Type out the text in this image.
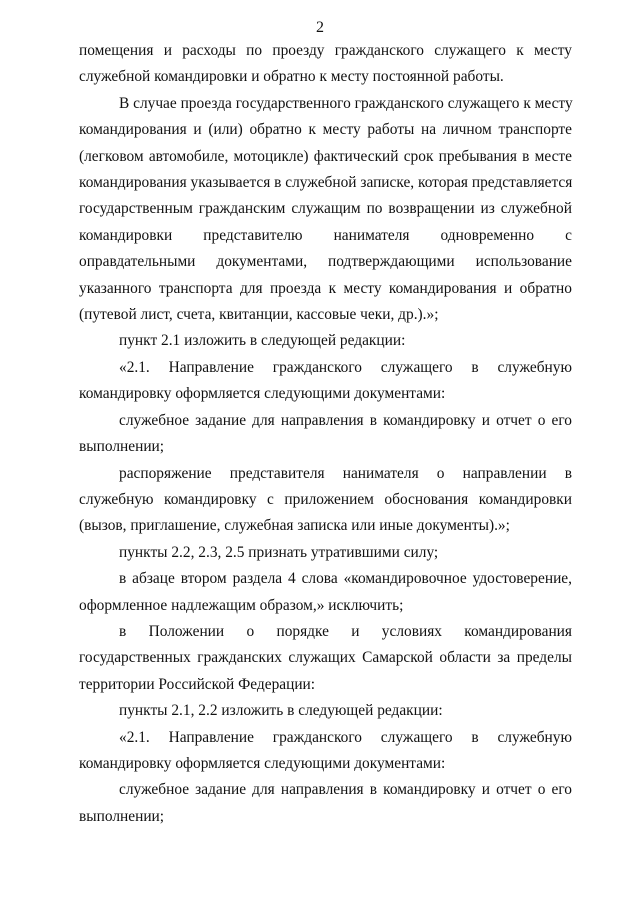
2
помещения и расходы по проезду гражданского служащего к месту
служебной командировки и обратно к месту постоянной работы.
В случае проезда государственного гражданского служащего к месту
командирования и (или) обратно к месту работы на личном транспорте
(легковом автомобиле, мотоцикле) фактический срок пребывания в месте
командирования указывается в служебной записке, которая представляется
государственным гражданским служащим по возвращении из служебной
командировки представителю нанимателя одновременно с
оправдательными документами, подтверждающими использование
указанного транспорта для проезда к месту командирования и обратно
(путевой лист, счета, квитанции, кассовые чеки, др.).»;
пункт 2.1 изложить в следующей редакции:
«2.1. Направление гражданского служащего в служебную
командировку оформляется следующими документами:
служебное задание для направления в командировку и отчет о его
выполнении;
распоряжение представителя нанимателя о направлении в
служебную командировку с приложением обоснования командировки
(вызов, приглашение, служебная записка или иные документы).»;
пункты 2.2, 2.3, 2.5 признать утратившими силу;
в абзаце втором раздела 4 слова «командировочное удостоверение,
оформленное надлежащим образом,» исключить;
в Положении о порядке и условиях командирования
государственных гражданских служащих Самарской области за пределы
территории Российской Федерации:
пункты 2.1, 2.2 изложить в следующей редакции:
«2.1. Направление гражданского служащего в служебную
командировку оформляется следующими документами:
служебное задание для направления в командировку и отчет о его
выполнении;
